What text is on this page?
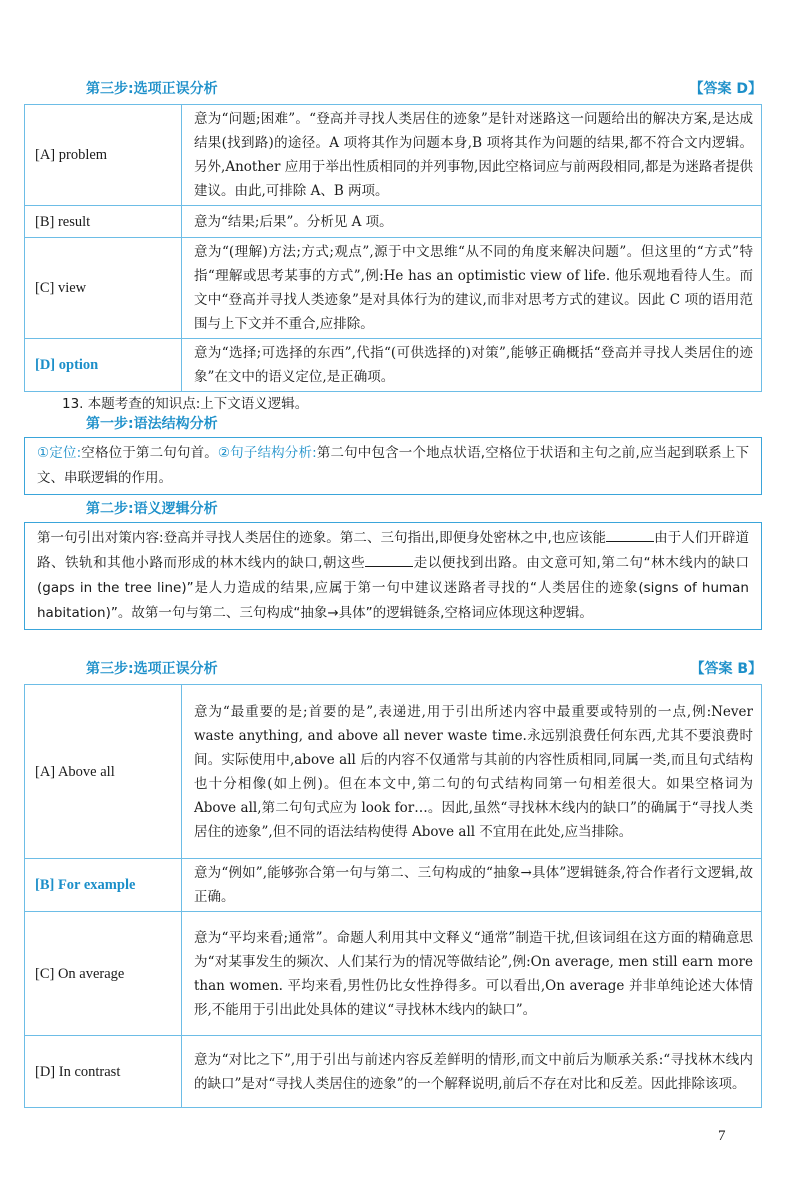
第三步:选项正误分析	【答案 D】
[A] problem	意为“问题;困难”。“登高并寻找人类居住的迹象”是针对迷路这一问题给出的解决方案,是达成结果(找到路)的途径。A 项将其作为问题本身,B 项将其作为问题的结果,都不符合文内逻辑。另外,Another 应用于举出性质相同的并列事物,因此空格词应与前两段相同,都是为迷路者提供建议。由此,可排除 A、B 两项。
[B] result	意为“结果;后果”。分析见 A 项。
[C] view	意为“(理解)方法;方式;观点”,源于中文思维“从不同的角度来解决问题”。但这里的“方式”特指“理解或思考某事的方式”,例:He has an optimistic view of life. 他乐观地看待人生。而文中“登高并寻找人类迹象”是对具体行为的建议,而非对思考方式的建议。因此 C 项的语用范围与上下文并不重合,应排除。
[D] option	意为“选择;可选择的东西”,代指“(可供选择的)对策”,能够正确概括“登高并寻找人类居住的迹象”在文中的语义定位,是正确项。
13. 本题考查的知识点:上下文语义逻辑。
第一步:语法结构分析
①定位:空格位于第二句句首。②句子结构分析:第二句中包含一个地点状语,空格位于状语和主句之前,应当起到联系上下文、串联逻辑的作用。
第二步:语义逻辑分析
第一句引出对策内容:登高并寻找人类居住的迹象。第二、三句指出,即便身处密林之中,也应该能	由于人们开辟道路、铁轨和其他小路而形成的林木线内的缺口,朝这些	走以便找到出路。由文意可知,第二句“林木线内的缺口(gaps in the tree line)”是人力造成的结果,应属于第一句中建议迷路者寻找的“人类居住的迹象(signs of human habitation)”。故第一句与第二、三句构成“抽象→具体”的逻辑链条,空格词应体现这种逻辑。
第三步:选项正误分析	【答案 B】
[A] Above all	意为“最重要的是;首要的是”,表递进,用于引出所述内容中最重要或特别的一点,例:Never waste anything, and above all never waste time.永远别浪费任何东西,尤其不要浪费时间。实际使用中,above all 后的内容不仅通常与其前的内容性质相同,同属一类,而且句式结构也十分相像(如上例)。但在本文中,第二句的句式结构同第一句相差很大。如果空格词为 Above all,第二句句式应为 look for…。因此,虽然“寻找林木线内的缺口”的确属于“寻找人类居住的迹象”,但不同的语法结构使得 Above all 不宜用在此处,应当排除。
[B] For example	意为“例如”,能够弥合第一句与第二、三句构成的“抽象→具体”逻辑链条,符合作者行文逻辑,故正确。
[C] On average	意为“平均来看;通常”。命题人利用其中文释义“通常”制造干扰,但该词组在这方面的精确意思为“对某事发生的频次、人们某行为的情况等做结论”,例:On average, men still earn more than women. 平均来看,男性仍比女性挣得多。可以看出,On average 并非单纯论述大体情形,不能用于引出此处具体的建议“寻找林木线内的缺口”。
[D] In contrast	意为“对比之下”,用于引出与前述内容反差鲜明的情形,而文中前后为顺承关系:“寻找林木线内的缺口”是对“寻找人类居住的迹象”的一个解释说明,前后不存在对比和反差。因此排除该项。
7
